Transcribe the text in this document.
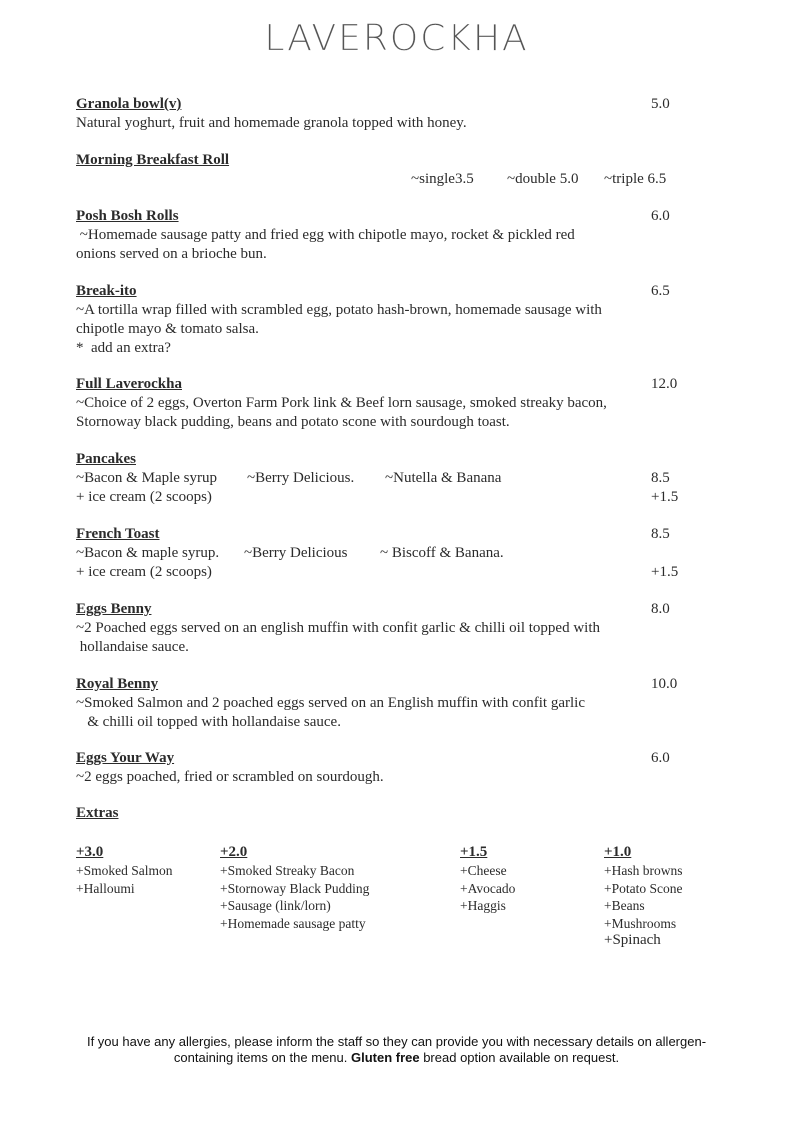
LAVEROCKHA
Granola bowl(v)
Natural yoghurt, fruit and homemade granola topped with honey.
5.0
Morning Breakfast Roll
~single3.5 ~double 5.0 ~triple 6.5
Posh Bosh Rolls
~Homemade sausage patty and fried egg with chipotle mayo, rocket & pickled red
onions served on a brioche bun.
6.0
Break-ito
~A tortilla wrap filled with scrambled egg, potato hash-brown, homemade sausage with
chipotle mayo & tomato salsa.
*  add an extra?
6.5
Full Laverockha
~Choice of 2 eggs, Overton Farm Pork link & Beef lorn sausage, smoked streaky bacon,
Stornoway black pudding, beans and potato scone with sourdough toast.
12.0
Pancakes
~Bacon & Maple syrup ~Berry Delicious. ~Nutella & Banana	8.5
+ ice cream (2 scoops)	+1.5
French Toast	8.5
~Bacon & maple syrup. ~Berry Delicious ~ Biscoff & Banana.
+ ice cream (2 scoops)	+1.5
Eggs Benny
~2 Poached eggs served on an english muffin with confit garlic & chilli oil topped with
hollandaise sauce.
8.0
Royal Benny
~Smoked Salmon and 2 poached eggs served on an English muffin with confit garlic
& chilli oil topped with hollandaise sauce.
10.0
Eggs Your Way
~2 eggs poached, fried or scrambled on sourdough.
6.0
Extras
+3.0
+Smoked Salmon
+Halloumi
+2.0
+Smoked Streaky Bacon
+Stornoway Black Pudding
+Sausage (link/lorn)
+Homemade sausage patty
+1.5
+Cheese
+Avocado
+Haggis
+1.0
+Hash browns
+Potato Scone
+Beans
+Mushrooms
+Spinach
If you have any allergies, please inform the staff so they can provide you with necessary details on allergen-containing items on the menu. Gluten free bread option available on request.
